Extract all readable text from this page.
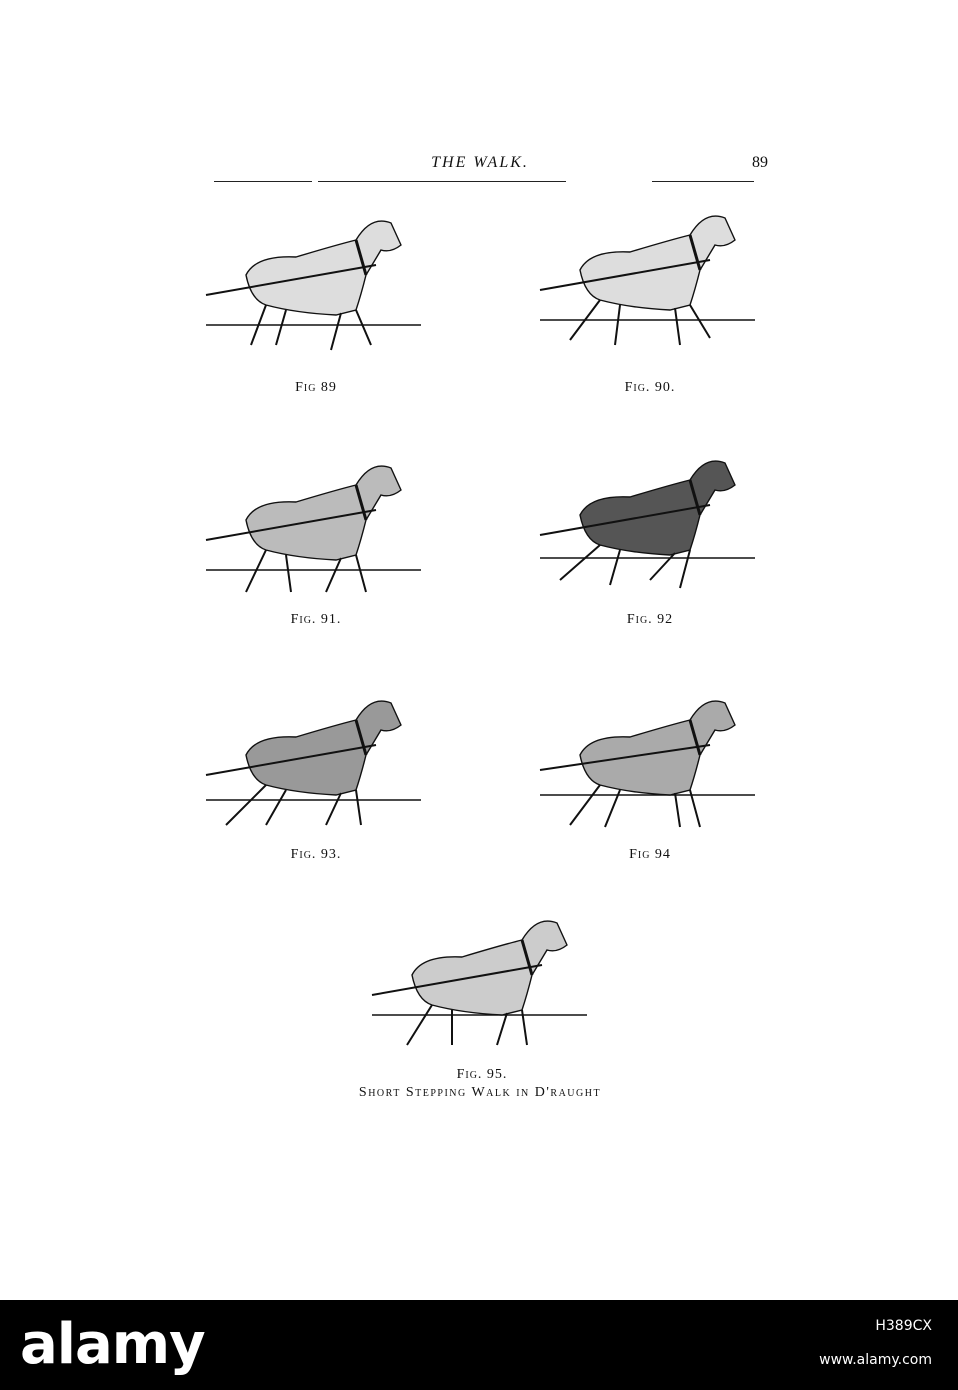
THE WALK.	89
Fig 89	Fig. 90.
Fig. 91.	Fig. 92
Fig. 93.	Fig 94
Fig. 95.
Short Stepping Walk in D'raught
alamy	H389CX
www.alamy.com
